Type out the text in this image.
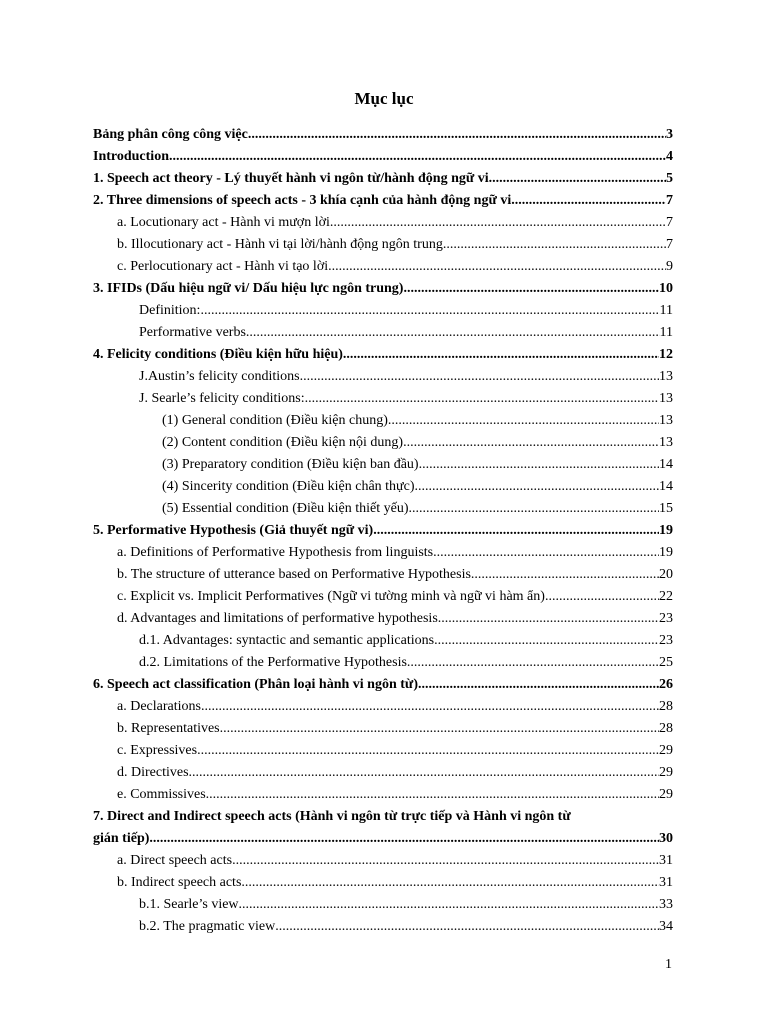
Mục lục
Bảng phân công công việc .....	3
Introduction .....	4
1. Speech act theory - Lý thuyết hành vi ngôn từ/hành động ngữ vi .....	5
2. Three dimensions of speech acts - 3 khía cạnh của hành động ngữ vi .....	7
a. Locutionary act - Hành vi mượn lời .....	7
b. Illocutionary act - Hành vi tại lời/hành động ngôn trung .....	7
c. Perlocutionary act - Hành vi tạo lời .....	9
3. IFIDs (Dấu hiệu ngữ vi/ Dấu hiệu lực ngôn trung) .....	10
Definition: .....	11
Performative verbs .....	11
4. Felicity conditions (Điều kiện hữu hiệu) .....	12
J.Austin’s felicity conditions .....	13
J. Searle’s felicity conditions: .....	13
(1) General condition (Điều kiện chung) .....	13
(2) Content condition (Điều kiện nội dung) .....	13
(3) Preparatory condition (Điều kiện ban đầu) .....	14
(4) Sincerity condition (Điều kiện chân thực) .....	14
(5) Essential condition (Điều kiện thiết yếu) .....	15
5. Performative Hypothesis (Giả thuyết ngữ vi) .....	19
a. Definitions of Performative Hypothesis from linguists .....	19
b. The structure of utterance based on Performative Hypothesis .....	20
c. Explicit vs. Implicit Performatives (Ngữ vi tường minh và ngữ vi hàm ẩn) .....	22
d. Advantages and limitations of performative hypothesis .....	23
d.1. Advantages: syntactic and semantic applications .....	23
d.2. Limitations of the Performative Hypothesis .....	25
6. Speech act classification (Phân loại hành vi ngôn từ) .....	26
a. Declarations .....	28
b. Representatives .....	28
c. Expressives .....	29
d. Directives .....	29
e. Commissives .....	29
7. Direct and Indirect speech acts (Hành vi ngôn từ trực tiếp và Hành vi ngôn từ
gián tiếp) .....	30
a. Direct speech acts .....	31
b. Indirect speech acts .....	31
b.1. Searle’s view .....	33
b.2. The pragmatic view .....	34
1
